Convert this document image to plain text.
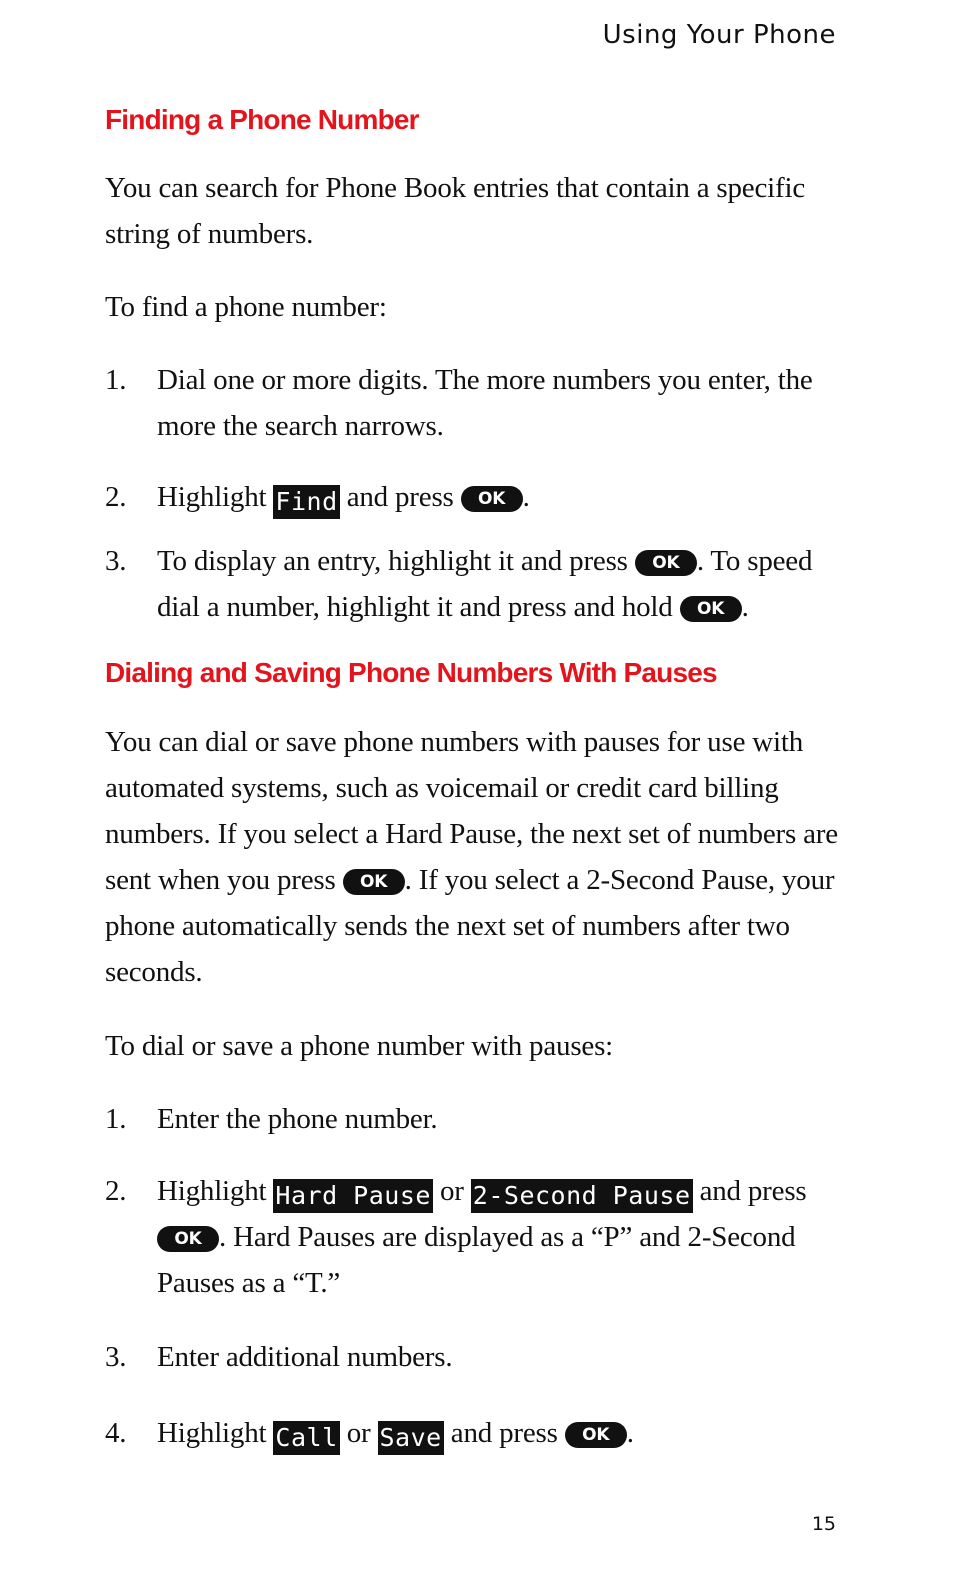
Using Your Phone
Finding a Phone Number

You can search for Phone Book entries that contain a specific string of numbers.

To find a phone number:

1.	Dial one or more digits. The more numbers you enter, the more the search narrows.
2.	Highlight Find and press OK .
3.	To display an entry, highlight it and press OK . To speed dial a number, highlight it and press and hold OK .
Dialing and Saving Phone Numbers With Pauses

You can dial or save phone numbers with pauses for use with automated systems, such as voicemail or credit card billing numbers. If you select a Hard Pause, the next set of numbers are sent when you press OK . If you select a 2-Second Pause, your phone automatically sends the next set of numbers after two seconds.

To dial or save a phone number with pauses:

1.	Enter the phone number.
2.	Highlight Hard Pause or 2-Second Pause and press OK . Hard Pauses are displayed as a “P” and 2-Second Pauses as a “T.”
3.	Enter additional numbers.
4.	Highlight Call or Save and press OK .
15
